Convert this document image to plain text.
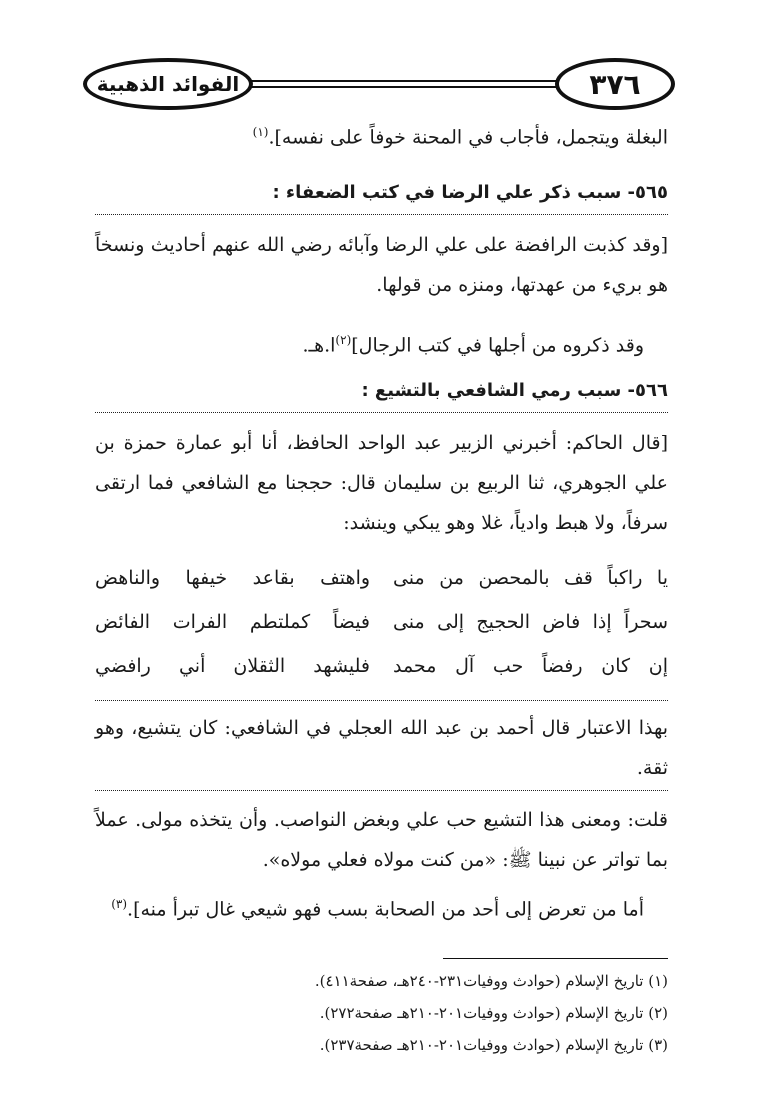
الفوائد الذهبية	٣٧٦
البغلة ويتجمل، فأجاب في المحنة خوفاً على نفسه].$^{(١)}$
٥٦٥- سبب ذكر علي الرضا في كتب الضعفاء :
[وقد كذبت الرافضة على علي الرضا وآبائه رضي الله عنهم أحاديث ونسخاً هو بريء من عهدتها، ومنزه من قولها.
وقد ذكروه من أجلها في كتب الرجال]$^{(٢)}$ا.هـ.
٥٦٦- سبب رمي الشافعي بالتشيع :
[قال الحاكم: أخبرني الزبير عبد الواحد الحافظ، أنا أبو عمارة حمزة بن علي الجوهري، ثنا الربيع بن سليمان قال: حججنا مع الشافعي فما ارتقى سرفاً، ولا هبط وادياً، غلا وهو يبكي وينشد:
يا راكباً قف بالمحصن من منى
واهتف بقاعد خيفها والناهض
سحراً إذا فاض الحجيج إلى منى
فيضاً كملتطم الفرات الفائض
إن كان رفضاً حب آل محمد
فليشهد الثقلان أني رافضي
بهذا الاعتبار قال أحمد بن عبد الله العجلي في الشافعي: كان يتشيع، وهو ثقة.
قلت: ومعنى هذا التشيع حب علي وبغض النواصب. وأن يتخذه مولى. عملاً بما تواتر عن نبينا ﷺ: «من كنت مولاه فعلي مولاه».
أما من تعرض إلى أحد من الصحابة بسب فهو شيعي غال تبرأ منه].$^{(٣)}$
(١) تاريخ الإسلام (حوادث ووفيات٢٣١-٢٤٠هـ، صفحة٤١١).
(٢) تاريخ الإسلام (حوادث ووفيات٢٠١-٢١٠هـ صفحة٢٧٢).
(٣) تاريخ الإسلام (حوادث ووفيات٢٠١-٢١٠هـ صفحة٢٣٧).
